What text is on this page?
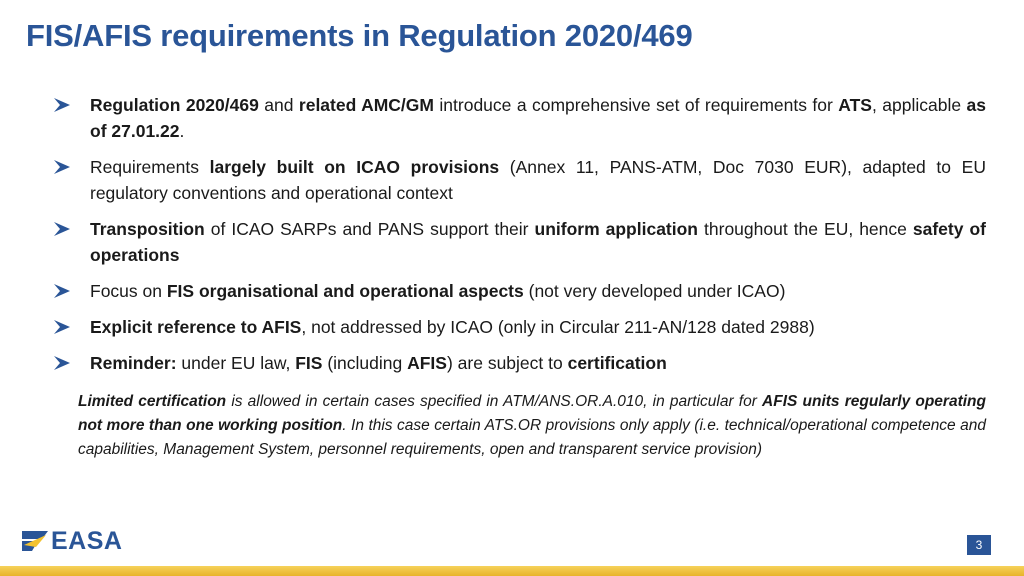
FIS/AFIS requirements in Regulation 2020/469
Regulation 2020/469 and related AMC/GM introduce a comprehensive set of requirements for ATS, applicable as of 27.01.22.
Requirements largely built on ICAO provisions (Annex 11, PANS-ATM, Doc 7030 EUR), adapted to EU regulatory conventions and operational context
Transposition of ICAO SARPs and PANS support their uniform application throughout the EU, hence safety of operations
Focus on FIS organisational and operational aspects (not very developed under ICAO)
Explicit reference to AFIS, not addressed by ICAO (only in Circular 211-AN/128 dated 2988)
Reminder: under EU law, FIS (including AFIS) are subject to certification
Limited certification is allowed in certain cases specified in ATM/ANS.OR.A.010, in particular for AFIS units regularly operating not more than one working position. In this case certain ATS.OR provisions only apply (i.e. technical/operational competence and capabilities, Management System, personnel requirements, open and transparent service provision)
EASA	3
